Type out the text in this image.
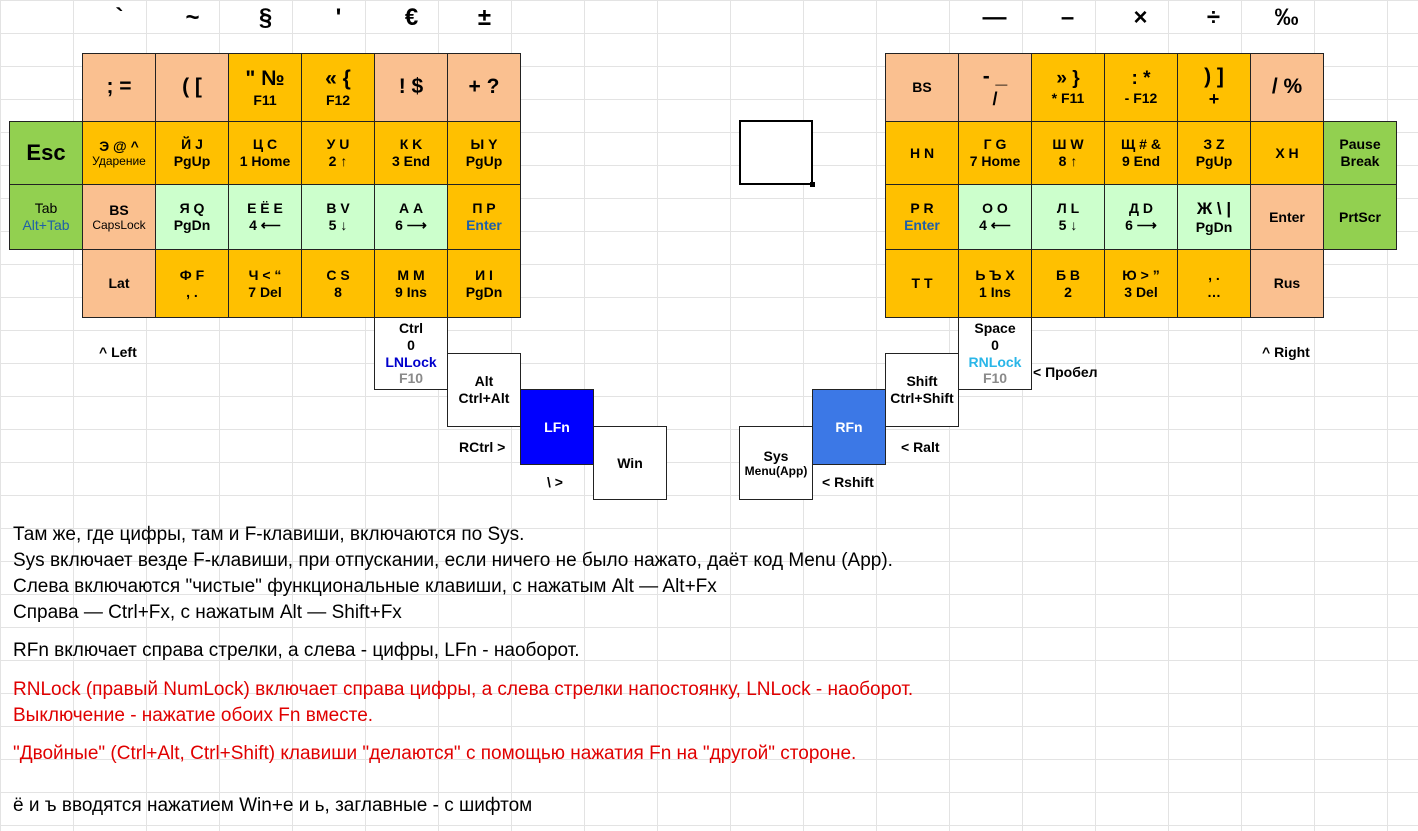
`	~	§	'	€	±	—	–	×	÷	‰
; = ( [ " №
F11
« {
F12
! $ + ?
Esc Э @ ^
Ударение
Й J
PgUp
Ц C
1 Home
У U
2 ↑
К K
3 End
Ы Y
PgUp
Tab
Alt+Tab
BS
CapsLock
Я Q
PgDn
Е Ё E
4 ⟵
В V
5 ↓
А A
6 ⟶
П P
Enter
Lat
Ф F
, .
Ч < “
7 Del
С S
8
М M
9 Ins
И I
PgDn
Ctrl
0
LNLock
F10	Alt
Ctrl+Alt
LFn
Win
^ Left
RCtrl >
\ >
BS - _
/
» }
* F11
: *
- F12
) ]
+
/ %
Н N
Г G
7 Home
Ш W
8 ↑
Щ # &
9 End
З Z
PgUp
Х H
Pause
Break
Р R
Enter
О O
4 ⟵
Л L
5 ↓
Д D
6 ⟶
Ж \ |
PgDn
Enter PrtScr
Т T
Ь Ъ X
1 Ins
Б B
2
Ю > ”
3 Del
, .
…
Rus
Space
0
RNLock
F10
Shift
Ctrl+Shift
RFn
Sys
Menu(App)
^ Right
< Пробел
< Ralt
< Rshift
Там же, где цифры, там и F-клавиши, включаются по Sys.
Sys включает везде F-клавиши, при отпускании, если ничего не было нажато, даёт код Menu (App).
Слева включаются "чистые" функциональные клавиши, с нажатым Alt — Alt+Fx
Справа — Ctrl+Fx, с нажатым Alt — Shift+Fx
RFn включает справа стрелки, а слева - цифры, LFn - наоборот.
RNLock (правый NumLock) включает справа цифры, а слева стрелки напостоянку, LNLock - наоборот.
Выключение - нажатие обоих Fn вместе.
"Двойные" (Ctrl+Alt, Ctrl+Shift) клавиши "делаются" с помощью нажатия Fn на "другой" стороне.
ё и ъ вводятся нажатием Win+е и ь, заглавные - с шифтом
